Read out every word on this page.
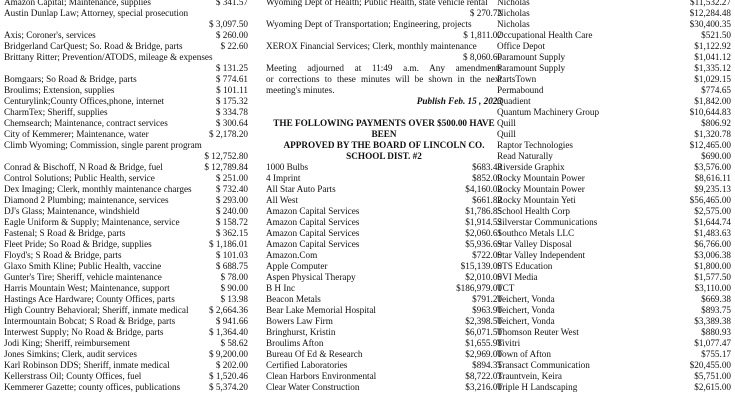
Amazon Capital; Maintenance, supplies	$ 341.57
Austin Dunlap Law; Attorney, special prosecution
$ 3,097.50
Axis; Coroner's, services	$ 260.00
Bridgerland CarQuest; So. Road & Bridge, parts	$ 22.60
Brittany Ritter; Prevention/ATODS, mileage & expenses
$ 131.25
Bomgaars; So Road & Bridge, parts	$ 774.61
Broulims; Extension, supplies	$ 101.11
Centurylink;County Offices,phone, internet	$ 175.32
CharmTex; Sheriff, supplies	$ 334.78
Chemsearch; Maintenance, contract services	$ 300.64
City of Kemmerer; Maintenance, water	$ 2,178.20
Climb Wyoming; Commission, single parent program
$ 12,752.80
Conrad & Bischoff, N Road & Bridge, fuel	$ 12,789.84
Control Solutions; Public Health, service	$ 251.00
Dex Imaging; Clerk, monthly maintenance charges	$ 732.40
Diamond 2 Plumbing; maintenance, services	$ 293.00
DJ's Glass; Maintenance, windshield	$ 240.00
Eagle Uniform & Supply; Maintenance, service	$ 158.72
Fastenal; S Road & Bridge, parts	$ 362.15
Fleet Pride; So Road & Bridge, supplies	$ 1,186.01
Floyd's; S Road & Bridge, parts	$ 101.03
Glaxo Smith Kline; Public Health, vaccine	$ 688.75
Gunter's Tire; Sheriff, vehicle maintenance	$ 78.00
Harris Mountain West; Maintenance, support	$ 90.00
Hastings Ace Hardware; County Offices, parts	$ 13.98
High Country Behavioral; Sheriff, inmate medical $ 2,664.36
Intermountain Bobcat; S Road & Bridge, parts	$ 941.66
Interwest Supply; No Road & Bridge, parts	$ 1,364.40
Jodi King; Sheriff, reimbursement	$ 58.62
Jones Simkins; Clerk, audit services	$ 9,200.00
Karl Robinson DDS; Sheriff, inmate medical	$ 202.00
Kellerstrass Oil; County Offices, fuel	$ 1,520.46
Kemmerer Gazette; county offices, publications	$ 5,374.20
Wyoming Dept of Health; Public Health, state vehicle rental
$ 270.72
Wyoming Dept of Transportation; Engineering, projects
$ 1,811.02
XEROX Financial Services; Clerk, monthly maintenance
$ 8,060.60
Meeting adjourned at 11:49 a.m. Any amendments
or corrections to these minutes will be shown in the next
meeting's minutes.
Publish Feb. 15 , 2023
THE FOLLOWING PAYMENTS OVER $500.00 HAVE
BEEN
APPROVED BY THE BOARD OF LINCOLN CO.
SCHOOL DIST. #2
1000 Bulbs	$683.43
4 Imprint	$852.09
All Star Auto Parts	$4,160.02
All West	$661.82
Amazon Capital Services	$1,786.85
Amazon Capital Services	$1,914.52
Amazon Capital Services	$2,060.61
Amazon Capital Services	$5,936.69
Amazon.Com	$722.00
Apple Computer	$15,139.00
Aspen Physical Therapy	$2,010.00
B H Inc	$186,979.00
Beacon Metals	$791.20
Bear Lake Memorial Hospital	$963.90
Bowers Law Firm	$2,398.50
Bringhurst, Kristin	$6,071.50
Broulims Afton	$1,655.98
Bureau Of Ed & Research	$2,969.00
Certified Laboratories	$894.35
Clean Harbors Environmental	$8,722.03
Clear Water Construction	$3,216.00
Nicholas	$11,532.27
Nicholas	$12,284.48
Nicholas	$30,400.35
Occupational Health Care	$521.50
Office Depot	$1,122.92
Paramount Supply	$1,041.12
Paramount Supply	$1,335.12
PartsTown	$1,029.15
Permabound	$774.65
Quadient	$1,842.00
Quantum Machinery Group	$10,644.83
Quill	$806.92
Quill	$1,320.78
Raptor Technologies	$12,465.00
Read Naturally	$690.00
Riverside Graphix	$3,576.00
Rocky Mountain Power	$8,616.11
Rocky Mountain Power	$9,235.13
Rocky Mountain Yeti	$56,465.00
School Health Corp	$2,575.00
Silverstar Communications	$1,644.74
Southco Metals LLC	$1,483.63
Star Valley Disposal	$6,766.00
Star Valley Independent	$3,006.38
STS Education	$1,800.00
SVI Media	$1,577.50
TCT	$3,110.00
Teichert, Vonda	$669.38
Teichert, Vonda	$893.75
Teichert, Vonda	$3,389.38
Thomson Reuter West	$880.93
Tivitri	$1,077.47
Town of Afton	$755.17
Transact Communication	$20,455.00
Trauntvein, Keira	$5,751.00
Triple H Landscaping	$2,615.00
